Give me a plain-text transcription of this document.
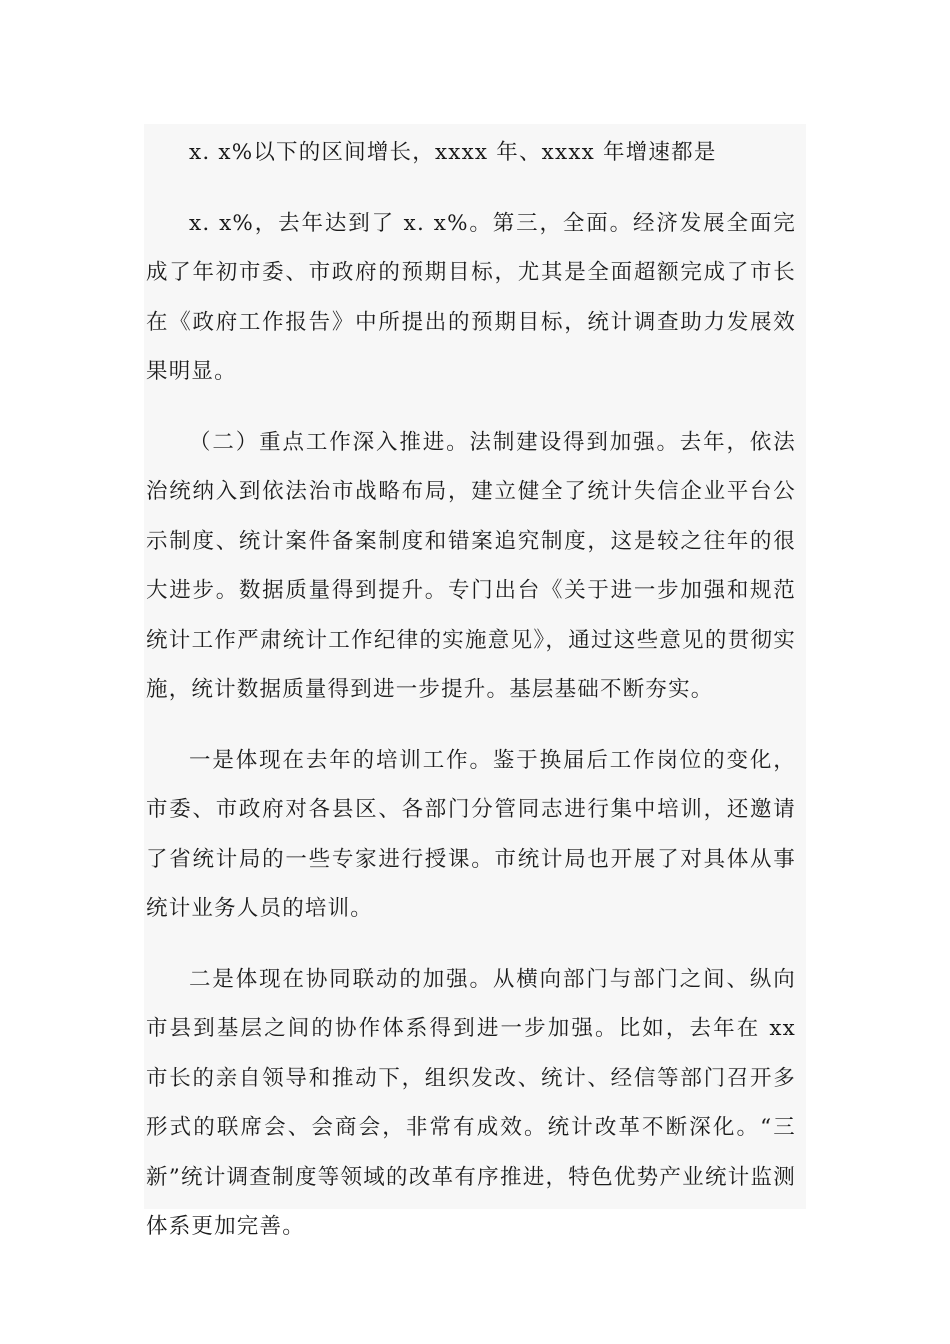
x. x%以下的区间增长，xxxx 年、xxxx 年增速都是

x. x%，去年达到了 x. x%。第三，全面。经济发展全面完成了年初市委、市政府的预期目标，尤其是全面超额完成了市长在《政府工作报告》中所提出的预期目标，统计调查助力发展效果明显。

（二）重点工作深入推进。法制建设得到加强。去年，依法治统纳入到依法治市战略布局，建立健全了统计失信企业平台公示制度、统计案件备案制度和错案追究制度，这是较之往年的很大进步。数据质量得到提升。专门出台《关于进一步加强和规范统计工作严肃统计工作纪律的实施意见》，通过这些意见的贯彻实施，统计数据质量得到进一步提升。基层基础不断夯实。

一是体现在去年的培训工作。鉴于换届后工作岗位的变化，市委、市政府对各县区、各部门分管同志进行集中培训，还邀请了省统计局的一些专家进行授课。市统计局也开展了对具体从事统计业务人员的培训。

二是体现在协同联动的加强。从横向部门与部门之间、纵向市县到基层之间的协作体系得到进一步加强。比如，去年在 xx 市长的亲自领导和推动下，组织发改、统计、经信等部门召开多形式的联席会、会商会，非常有成效。统计改革不断深化。“三新”统计调查制度等领域的改革有序推进，特色优势产业统计监测体系更加完善。
